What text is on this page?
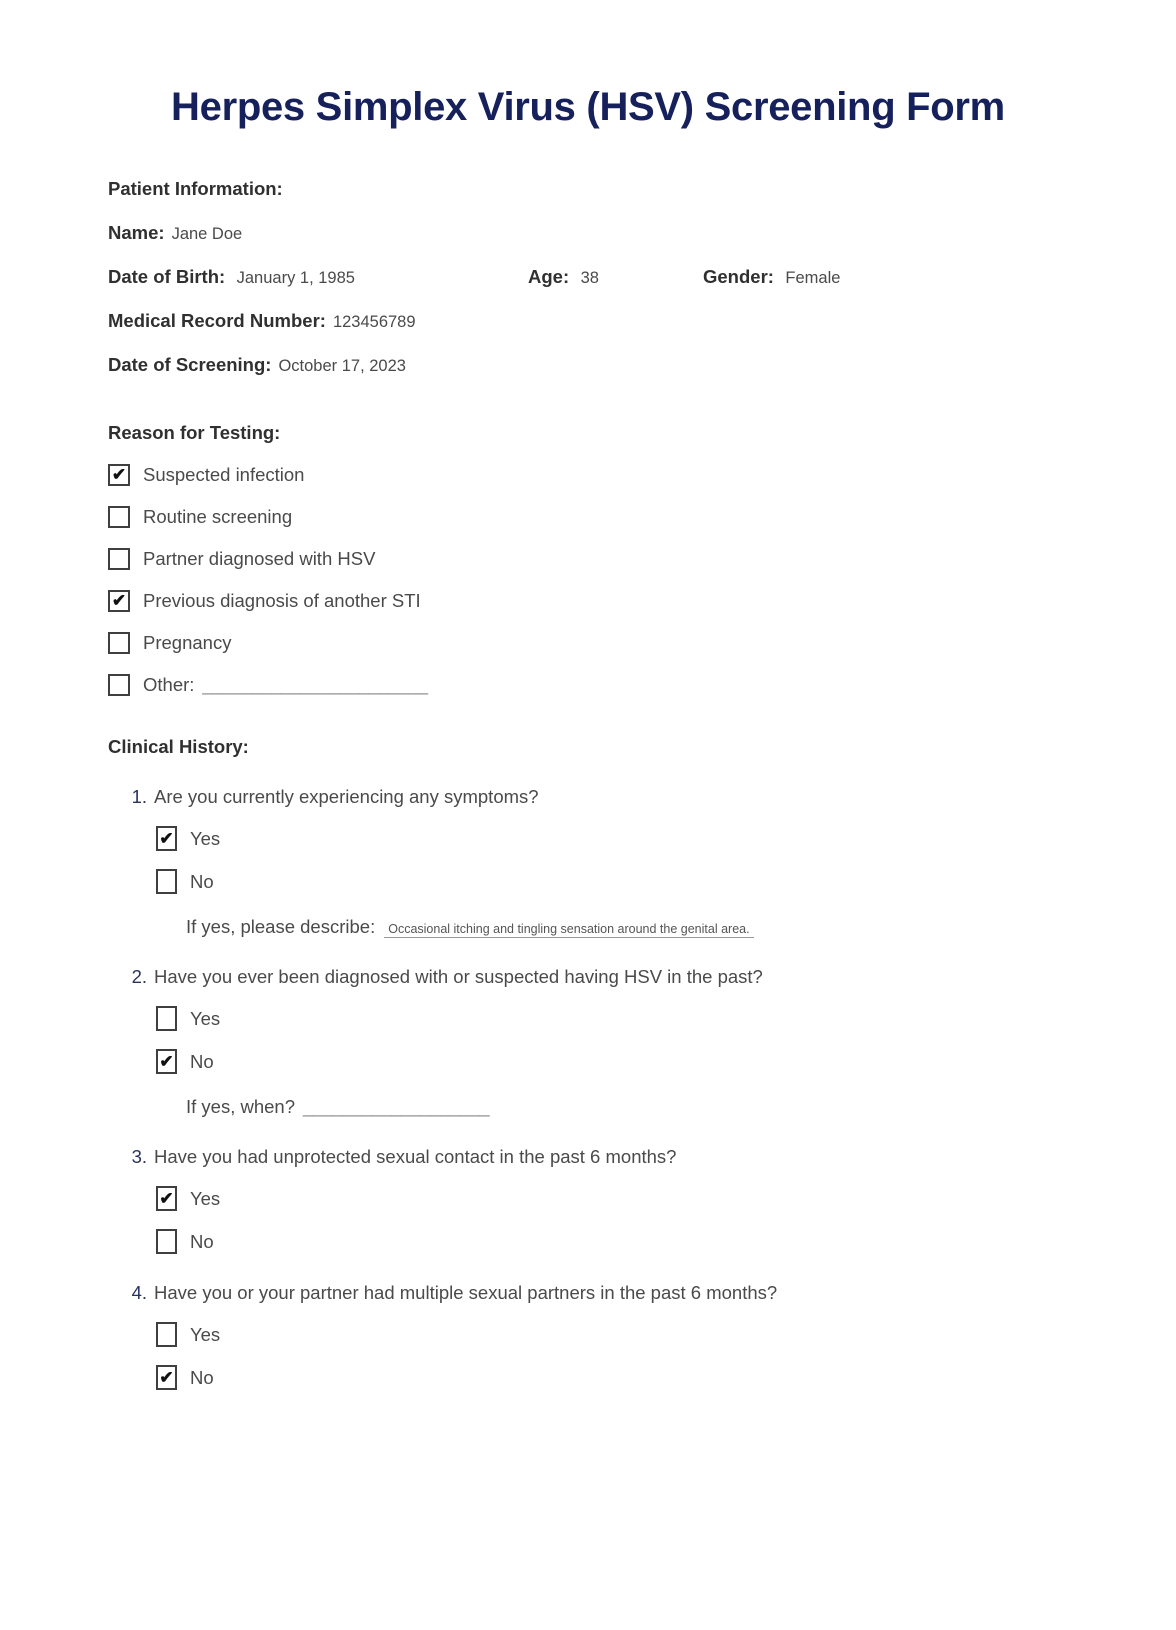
Herpes Simplex Virus (HSV) Screening Form
Patient Information:
Name: Jane Doe
Date of Birth: January 1, 1985	Age: 38	Gender: Female
Medical Record Number: 123456789
Date of Screening: October 17, 2023
Reason for Testing:
✔ Suspected infection
Routine screening
Partner diagnosed with HSV
✔ Previous diagnosis of another STI
Pregnancy
Other: _______________________
Clinical History:
1. Are you currently experiencing any symptoms?
✔ Yes
No
If yes, please describe:	Occasional itching and tingling sensation around the genital area.
2. Have you ever been diagnosed with or suspected having HSV in the past?
Yes
✔ No
If yes, when? ___________________
3. Have you had unprotected sexual contact in the past 6 months?
✔ Yes
No
4. Have you or your partner had multiple sexual partners in the past 6 months?
Yes
✔ No
